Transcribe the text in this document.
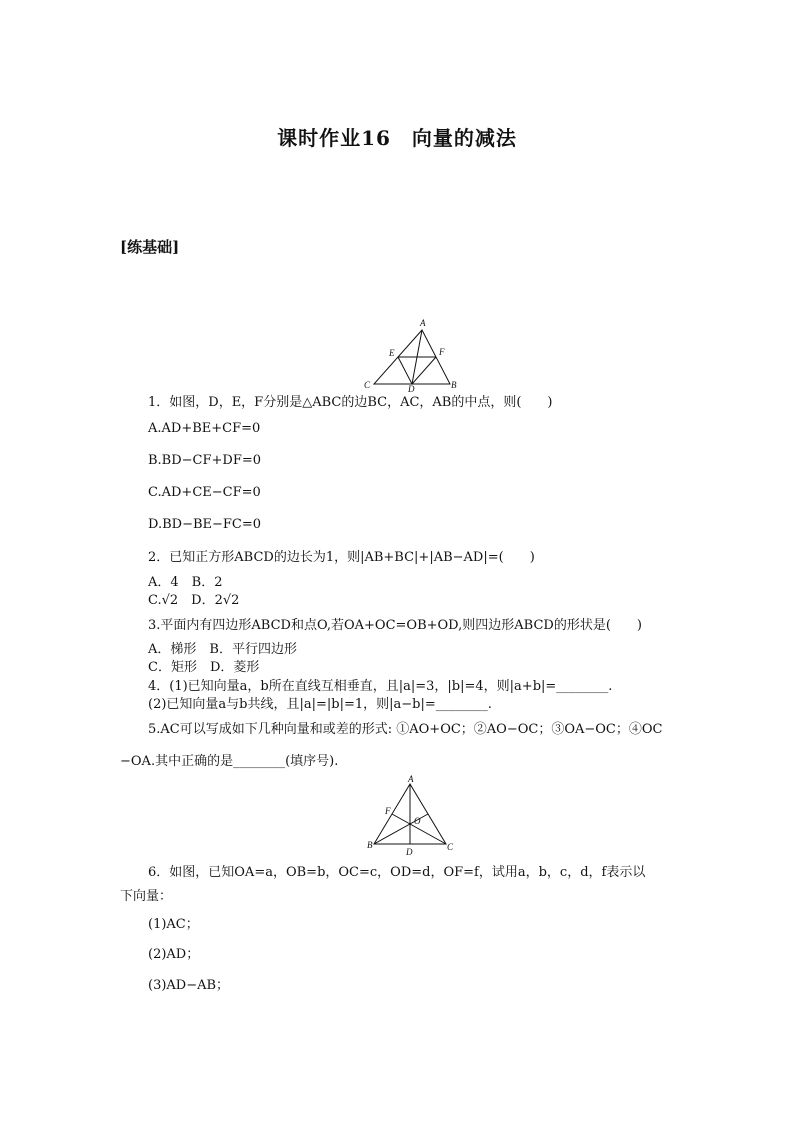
课时作业16　向量的减法
[练基础]
A
E	F
C	D	B
1．如图，D，E，F分别是△ABC的边BC，AC，AB的中点，则(　　)
A.AD+BE+CF=0
B.BD−CF+DF=0
C.AD+CE−CF=0
D.BD−BE−FC=0
2．已知正方形ABCD的边长为1，则|AB+BC|+|AB−AD|=(　　)
A．4　B．2
C.√2　D．2√2
3.平面内有四边形ABCD和点O,若OA+OC=OB+OD,则四边形ABCD的形状是(　　)
A．梯形　B．平行四边形
C．矩形　D．菱形
4．(1)已知向量a，b所在直线互相垂直，且|a|=3，|b|=4，则|a+b|=________.
(2)已知向量a与b共线，且|a|=|b|=1，则|a−b|=________.
5.AC可以写成如下几种向量和或差的形式: ①AO+OC；②AO−OC；③OA−OC；④OC
−OA.其中正确的是________(填序号).
A
F
O
B
D	C
6．如图，已知OA=a，OB=b，OC=c，OD=d，OF=f，试用a，b，c，d，f表示以
下向量：
(1)AC；
(2)AD；
(3)AD−AB；
